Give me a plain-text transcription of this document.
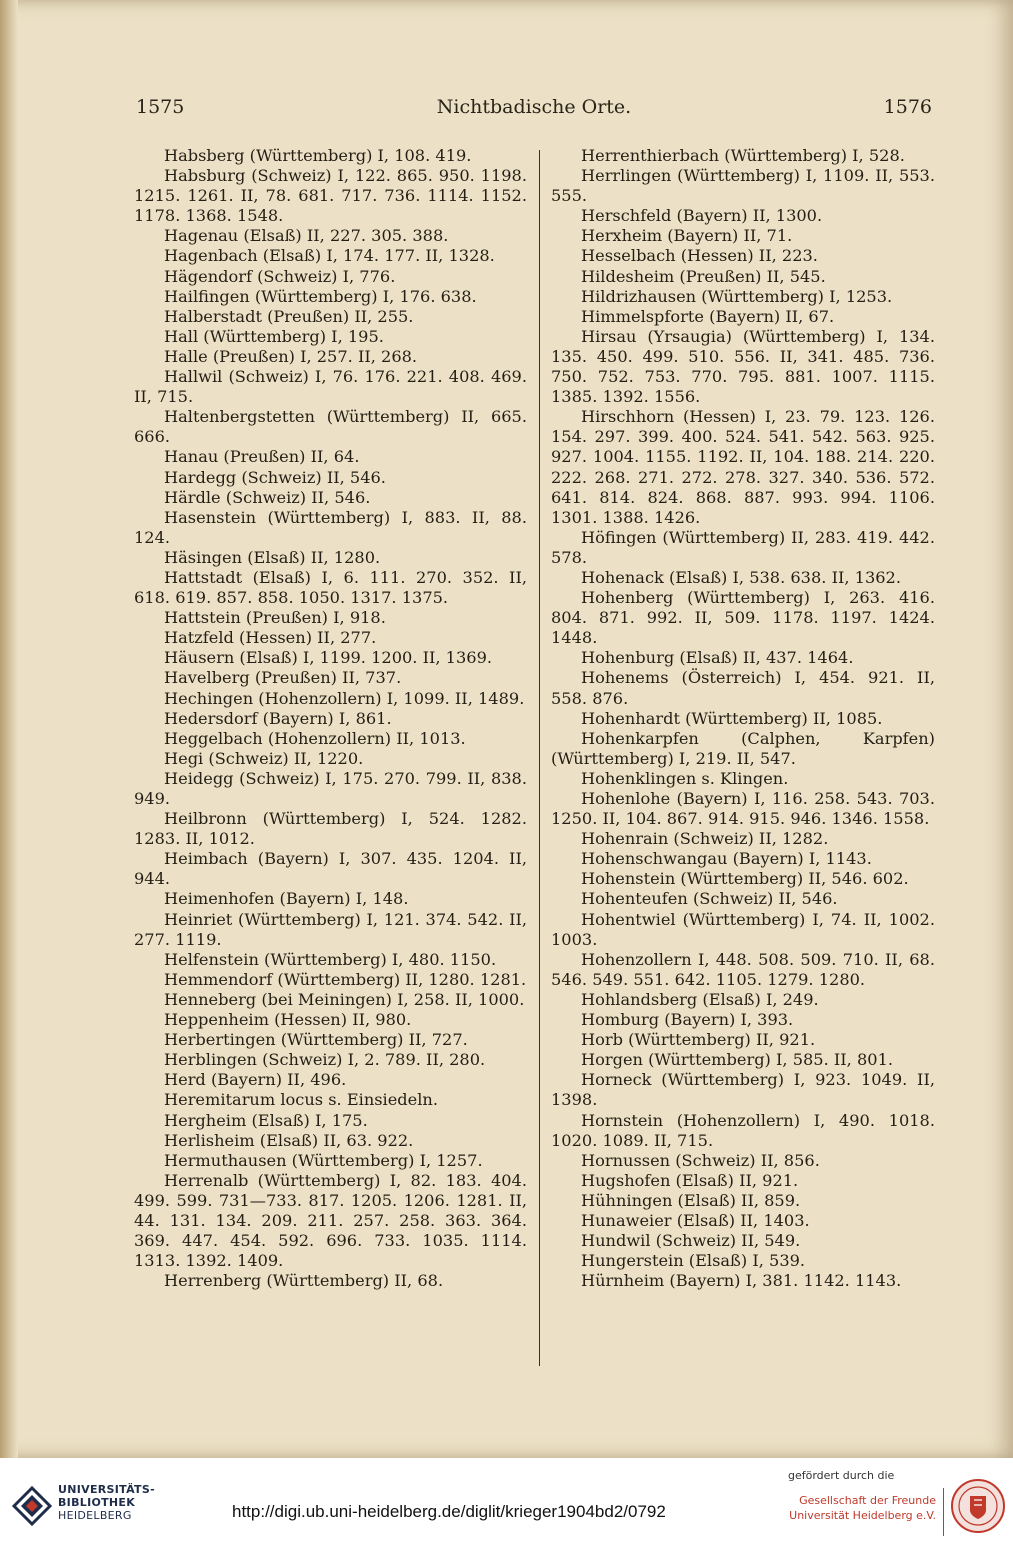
1575	Nichtbadische Orte.	1576

Habsberg (Württemberg) I, 108. 419.

Habsburg (Schweiz) I, 122. 865. 950. 1198. 1215. 1261. II, 78. 681. 717. 736. 1114. 1152. 1178. 1368. 1548.

Hagenau (Elsaß) II, 227. 305. 388.

Hagenbach (Elsaß) I, 174. 177. II, 1328.

Hägendorf (Schweiz) I, 776.

Hailfingen (Württemberg) I, 176. 638.

Halberstadt (Preußen) II, 255.

Hall (Württemberg) I, 195.

Halle (Preußen) I, 257. II, 268.

Hallwil (Schweiz) I, 76. 176. 221. 408. 469. II, 715.

Haltenbergstetten (Württemberg) II, 665. 666.

Hanau (Preußen) II, 64.

Hardegg (Schweiz) II, 546.

Härdle (Schweiz) II, 546.

Hasenstein (Württemberg) I, 883. II, 88. 124.

Häsingen (Elsaß) II, 1280.

Hattstadt (Elsaß) I, 6. 111. 270. 352. II, 618. 619. 857. 858. 1050. 1317. 1375.

Hattstein (Preußen) I, 918.

Hatzfeld (Hessen) II, 277.

Häusern (Elsaß) I, 1199. 1200. II, 1369.

Havelberg (Preußen) II, 737.

Hechingen (Hohenzollern) I, 1099. II, 1489.

Hedersdorf (Bayern) I, 861.

Heggelbach (Hohenzollern) II, 1013.

Hegi (Schweiz) II, 1220.

Heidegg (Schweiz) I, 175. 270. 799. II, 838. 949.

Heilbronn (Württemberg) I, 524. 1282. 1283. II, 1012.

Heimbach (Bayern) I, 307. 435. 1204. II, 944.

Heimenhofen (Bayern) I, 148.

Heinriet (Württemberg) I, 121. 374. 542. II, 277. 1119.

Helfenstein (Württemberg) I, 480. 1150.

Hemmendorf (Württemberg) II, 1280. 1281.

Henneberg (bei Meiningen) I, 258. II, 1000.

Heppenheim (Hessen) II, 980.

Herbertingen (Württemberg) II, 727.

Herblingen (Schweiz) I, 2. 789. II, 280.

Herd (Bayern) II, 496.

Heremitarum locus s. Einsiedeln.

Hergheim (Elsaß) I, 175.

Herlisheim (Elsaß) II, 63. 922.

Hermuthausen (Württemberg) I, 1257.

Herrenalb (Württemberg) I, 82. 183. 404. 499. 599. 731—733. 817. 1205. 1206. 1281. II, 44. 131. 134. 209. 211. 257. 258. 363. 364. 369. 447. 454. 592. 696. 733. 1035. 1114. 1313. 1392. 1409.

Herrenberg (Württemberg) II, 68.

Herrenthierbach (Württemberg) I, 528.

Herrlingen (Württemberg) I, 1109. II, 553. 555.

Herschfeld (Bayern) II, 1300.

Herxheim (Bayern) II, 71.

Hesselbach (Hessen) II, 223.

Hildesheim (Preußen) II, 545.

Hildrizhausen (Württemberg) I, 1253.

Himmelspforte (Bayern) II, 67.

Hirsau (Yrsaugia) (Württemberg) I, 134. 135. 450. 499. 510. 556. II, 341. 485. 736. 750. 752. 753. 770. 795. 881. 1007. 1115. 1385. 1392. 1556.

Hirschhorn (Hessen) I, 23. 79. 123. 126. 154. 297. 399. 400. 524. 541. 542. 563. 925. 927. 1004. 1155. 1192. II, 104. 188. 214. 220. 222. 268. 271. 272. 278. 327. 340. 536. 572. 641. 814. 824. 868. 887. 993. 994. 1106. 1301. 1388. 1426.

Höfingen (Württemberg) II, 283. 419. 442. 578.

Hohenack (Elsaß) I, 538. 638. II, 1362.

Hohenberg (Württemberg) I, 263. 416. 804. 871. 992. II, 509. 1178. 1197. 1424. 1448.

Hohenburg (Elsaß) II, 437. 1464.

Hohenems (Österreich) I, 454. 921. II, 558. 876.

Hohenhardt (Württemberg) II, 1085.

Hohenkarpfen (Calphen, Karpfen) (Württemberg) I, 219. II, 547.

Hohenklingen s. Klingen.

Hohenlohe (Bayern) I, 116. 258. 543. 703. 1250. II, 104. 867. 914. 915. 946. 1346. 1558.

Hohenrain (Schweiz) II, 1282.

Hohenschwangau (Bayern) I, 1143.

Hohenstein (Württemberg) II, 546. 602.

Hohenteufen (Schweiz) II, 546.

Hohentwiel (Württemberg) I, 74. II, 1002. 1003.

Hohenzollern I, 448. 508. 509. 710. II, 68. 546. 549. 551. 642. 1105. 1279. 1280.

Hohlandsberg (Elsaß) I, 249.

Homburg (Bayern) I, 393.

Horb (Württemberg) II, 921.

Horgen (Württemberg) I, 585. II, 801.

Horneck (Württemberg) I, 923. 1049. II, 1398.

Hornstein (Hohenzollern) I, 490. 1018. 1020. 1089. II, 715.

Hornussen (Schweiz) II, 856.

Hugshofen (Elsaß) II, 921.

Hühningen (Elsaß) II, 859.

Hunaweier (Elsaß) II, 1403.

Hundwil (Schweiz) II, 549.

Hungerstein (Elsaß) I, 539.

Hürnheim (Bayern) I, 381. 1142. 1143.

UNIVERSITÄTS-
BIBLIOTHEK
HEIDELBERG	http://digi.ub.uni-heidelberg.de/diglit/krieger1904bd2/0792
gefördert durch die
Gesellschaft der Freunde
Universität Heidelberg e.V.
